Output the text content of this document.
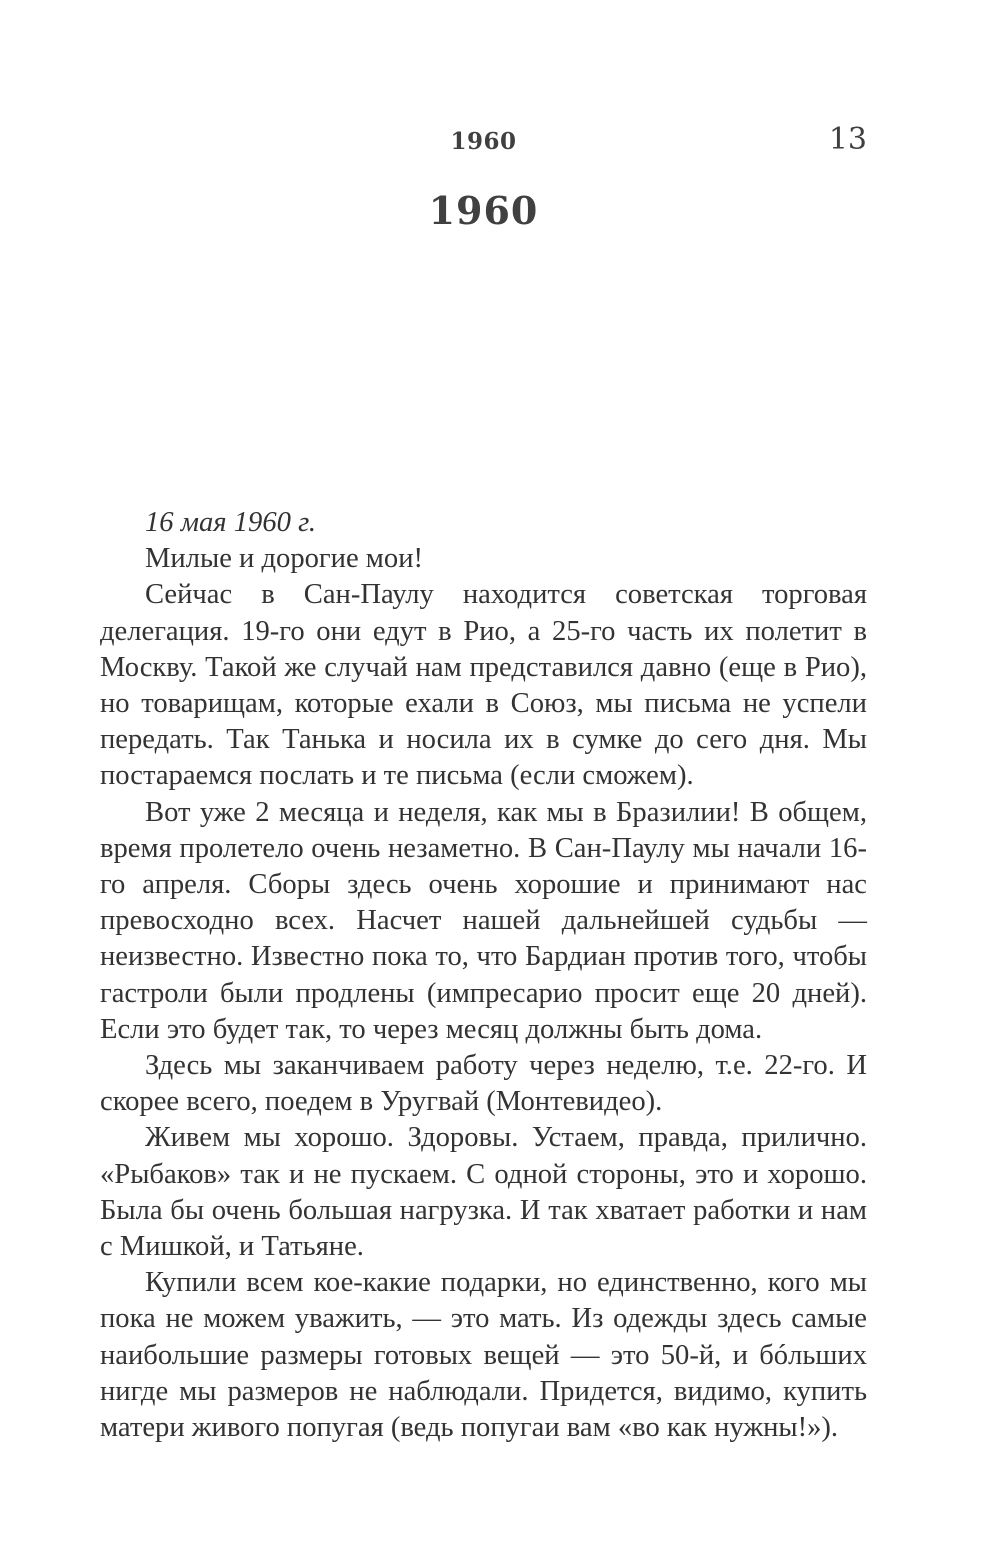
1960	13
1960

16 мая 1960 г.

Милые и дорогие мои!

Сейчас в Сан-Паулу находится советская торговая делегация. 19-го они едут в Рио, а 25-го часть их полетит в Москву. Такой же случай нам представился давно (еще в Рио), но товарищам, которые ехали в Союз, мы письма не успели передать. Так Танька и носила их в сумке до сего дня. Мы постараемся послать и те письма (если сможем).

Вот уже 2 месяца и неделя, как мы в Бразилии! В общем, время пролетело очень незаметно. В Сан-Паулу мы начали 16-го апреля. Сборы здесь очень хорошие и принимают нас превосходно всех. Насчет нашей дальнейшей судьбы — неизвестно. Известно пока то, что Бардиан против того, чтобы гастроли были продлены (импресарио просит еще 20 дней). Если это будет так, то через месяц должны быть дома.

Здесь мы заканчиваем работу через неделю, т.е. 22-го. И скорее всего, поедем в Уругвай (Монтевидео).

Живем мы хорошо. Здоровы. Устаем, правда, прилично. «Рыбаков» так и не пускаем. С одной стороны, это и хорошо. Была бы очень большая нагрузка. И так хватает работки и нам с Мишкой, и Татьяне.

Купили всем кое-какие подарки, но единственно, кого мы пока не можем уважить, — это мать. Из одежды здесь самые наибольшие размеры готовых вещей — это 50-й, и бóльших нигде мы размеров не наблюдали. Придется, видимо, купить матери живого попугая (ведь попугаи вам «во как нужны!»).
